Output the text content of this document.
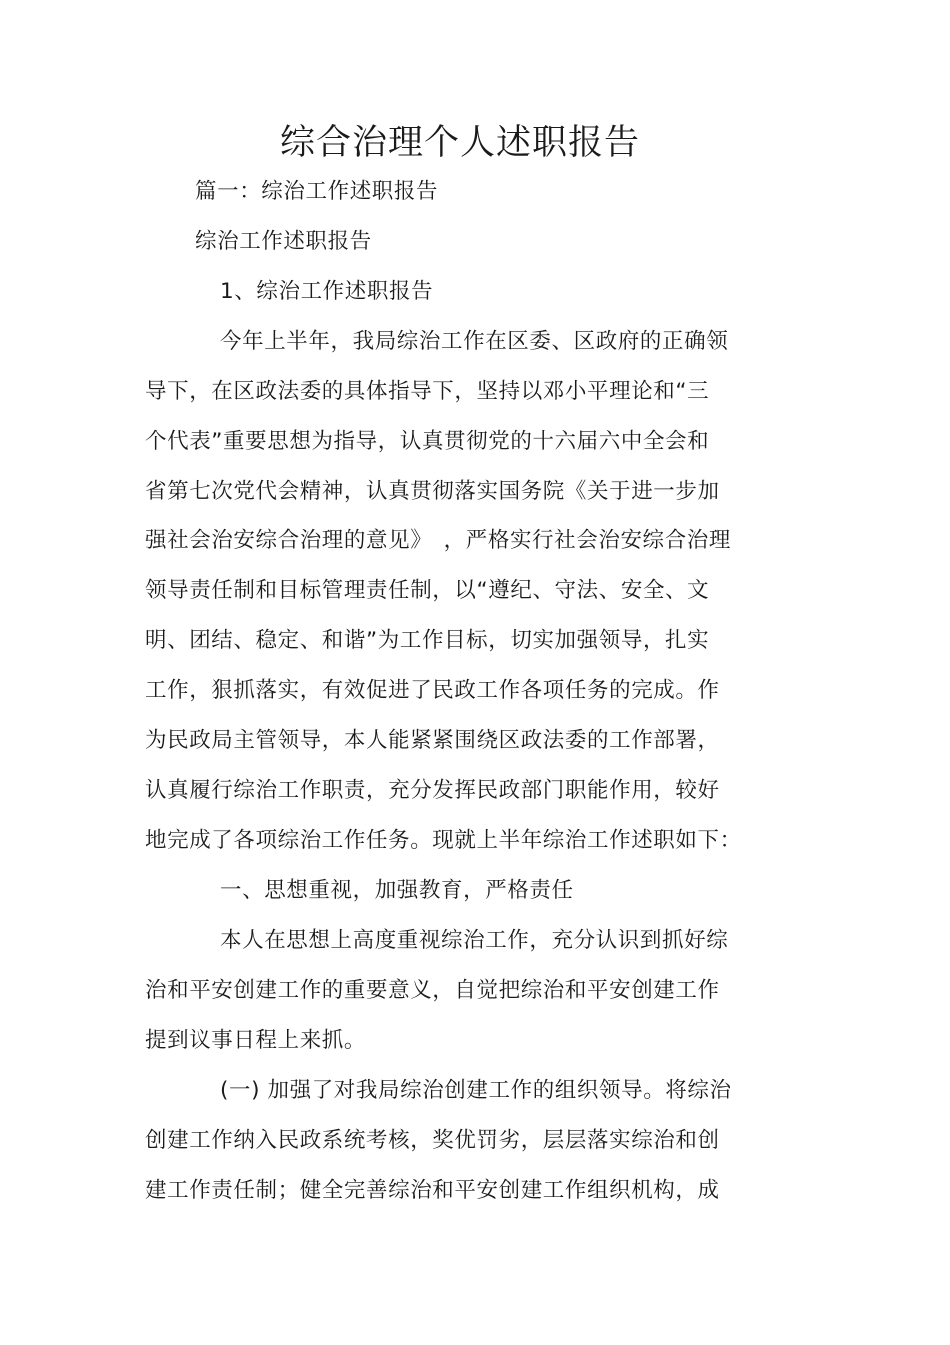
综合治理个人述职报告
篇一：综治工作述职报告
综治工作述职报告
1、综治工作述职报告
今年上半年，我局综治工作在区委、区政府的正确领
导下，在区政法委的具体指导下，坚持以邓小平理论和“三
个代表”重要思想为指导，认真贯彻党的十六届六中全会和
省第七次党代会精神，认真贯彻落实国务院《关于进一步加
强社会治安综合治理的意见》　，严格实行社会治安综合治理
领导责任制和目标管理责任制，以“遵纪、守法、安全、文
明、团结、稳定、和谐”为工作目标，切实加强领导，扎实
工作，狠抓落实，有效促进了民政工作各项任务的完成。作
为民政局主管领导，本人能紧紧围绕区政法委的工作部署，
认真履行综治工作职责，充分发挥民政部门职能作用，较好
地完成了各项综治工作任务。现就上半年综治工作述职如下：
一、思想重视，加强教育，严格责任
本人在思想上高度重视综治工作，充分认识到抓好综
治和平安创建工作的重要意义，自觉把综治和平安创建工作
提到议事日程上来抓。
(一) 加强了对我局综治创建工作的组织领导。将综治
创建工作纳入民政系统考核，奖优罚劣，层层落实综治和创
建工作责任制；健全完善综治和平安创建工作组织机构，成
